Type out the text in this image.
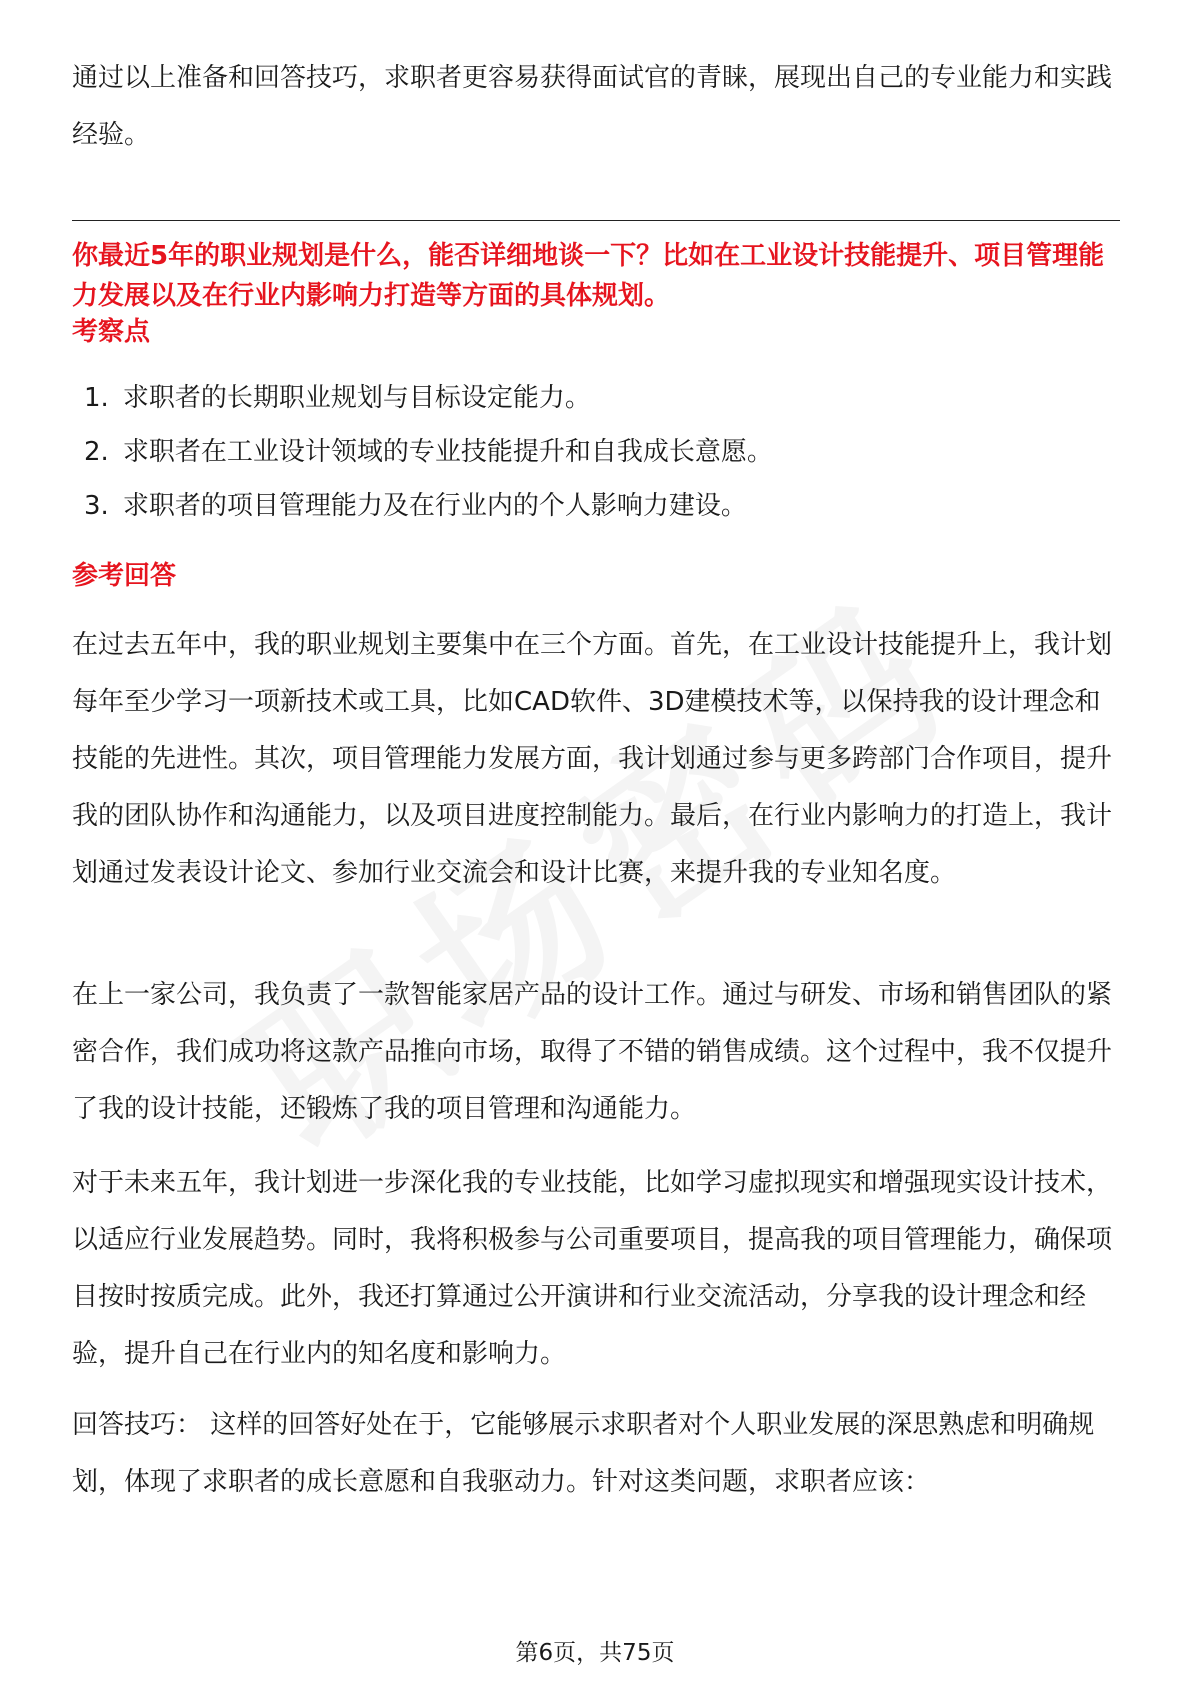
通过以上准备和回答技巧，求职者更容易获得面试官的青睐，展现出自己的专业能力和实践经验。

你最近5年的职业规划是什么，能否详细地谈一下？比如在工业设计技能提升、项目管理能力发展以及在行业内影响力打造等方面的具体规划。

考察点

1. 求职者的长期职业规划与目标设定能力。
2. 求职者在工业设计领域的专业技能提升和自我成长意愿。
3. 求职者的项目管理能力及在行业内的个人影响力建设。

参考回答

在过去五年中，我的职业规划主要集中在三个方面。首先，在工业设计技能提升上，我计划每年至少学习一项新技术或工具，比如CAD软件、3D建模技术等，以保持我的设计理念和技能的先进性。其次，项目管理能力发展方面，我计划通过参与更多跨部门合作项目，提升我的团队协作和沟通能力，以及项目进度控制能力。最后，在行业内影响力的打造上，我计划通过发表设计论文、参加行业交流会和设计比赛，来提升我的专业知名度。

在上一家公司，我负责了一款智能家居产品的设计工作。通过与研发、市场和销售团队的紧密合作，我们成功将这款产品推向市场，取得了不错的销售成绩。这个过程中，我不仅提升了我的设计技能，还锻炼了我的项目管理和沟通能力。

对于未来五年，我计划进一步深化我的专业技能，比如学习虚拟现实和增强现实设计技术，以适应行业发展趋势。同时，我将积极参与公司重要项目，提高我的项目管理能力，确保项目按时按质完成。此外，我还打算通过公开演讲和行业交流活动，分享我的设计理念和经验，提升自己在行业内的知名度和影响力。

回答技巧： 这样的回答好处在于，它能够展示求职者对个人职业发展的深思熟虑和明确规划，体现了求职者的成长意愿和自我驱动力。针对这类问题，求职者应该：

第6页，共75页
